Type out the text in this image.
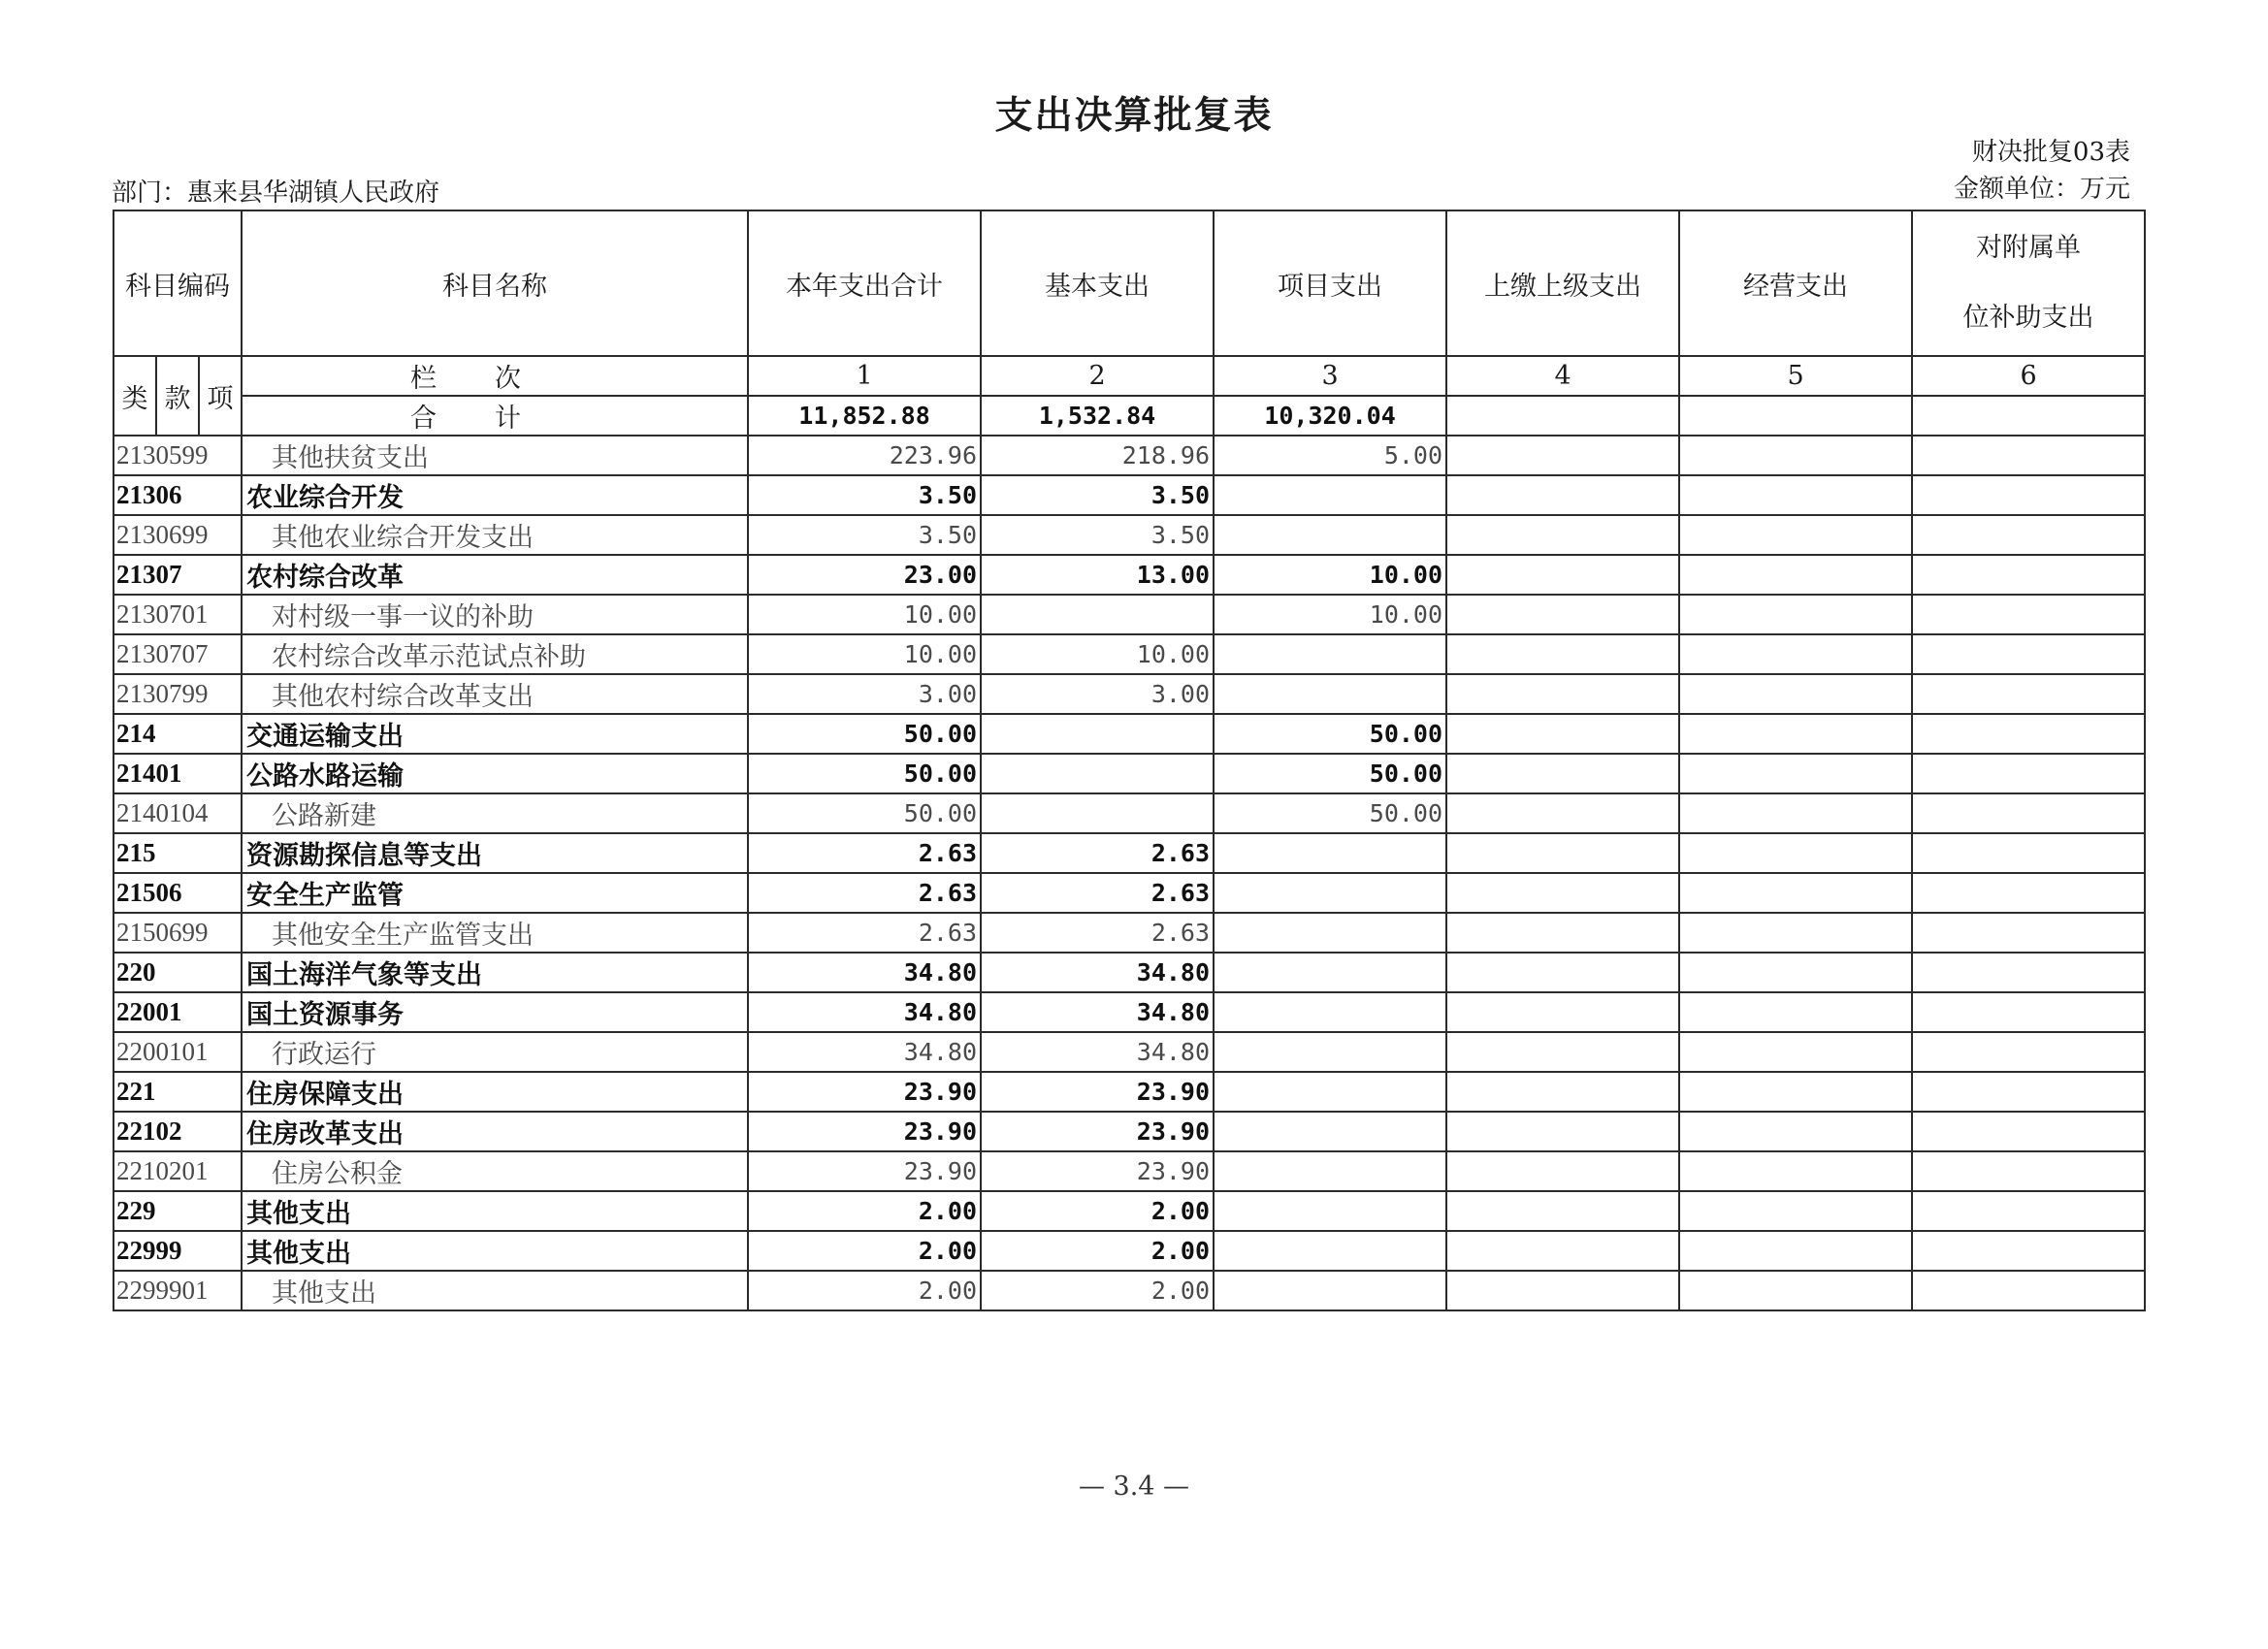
支出决算批复表
财决批复03表
金额单位：万元
部门：惠来县华湖镇人民政府
科目编码			科目名称	本年支出合计	基本支出	项目支出	上缴上级支出	经营支出	对附属单
位补助支出
类	款	项	栏次	1	2	3	4	5	6
			合计	11,852.88	1,532.84	10,320.04			
2130599			其他扶贫支出	223.96	218.96	5.00			
21306			农业综合开发	3.50	3.50				
2130699			其他农业综合开发支出	3.50	3.50				
21307			农村综合改革	23.00	13.00	10.00			
2130701			对村级一事一议的补助	10.00		10.00			
2130707			农村综合改革示范试点补助	10.00	10.00				
2130799			其他农村综合改革支出	3.00	3.00				
214			交通运输支出	50.00		50.00			
21401			公路水路运输	50.00		50.00			
2140104			公路新建	50.00		50.00			
215			资源勘探信息等支出	2.63	2.63				
21506			安全生产监管	2.63	2.63				
2150699			其他安全生产监管支出	2.63	2.63				
220			国土海洋气象等支出	34.80	34.80				
22001			国土资源事务	34.80	34.80				
2200101			行政运行	34.80	34.80				
221			住房保障支出	23.90	23.90				
22102			住房改革支出	23.90	23.90				
2210201			住房公积金	23.90	23.90				
229			其他支出	2.00	2.00				
22999			其他支出	2.00	2.00				
2299901			其他支出	2.00	2.00				
— 3.4 —
